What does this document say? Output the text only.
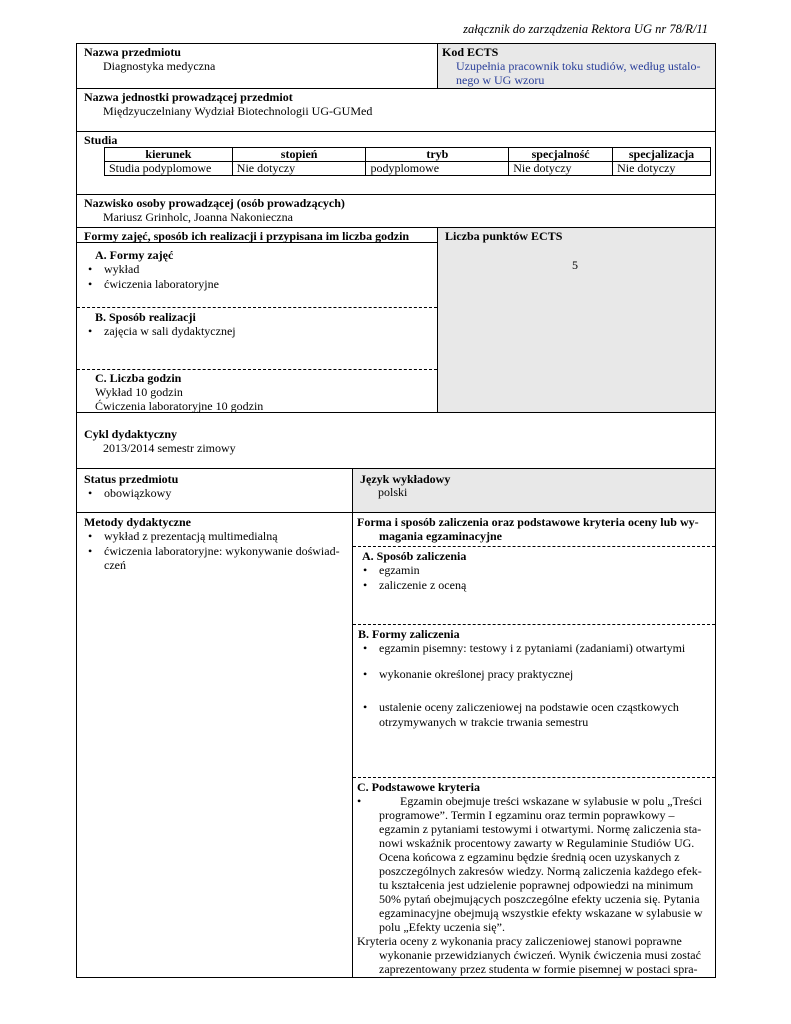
załącznik do zarządzenia Rektora UG nr 78/R/11
Nazwa przedmiotu
Diagnostyka medyczna
Kod ECTS
Uzupełnia pracownik toku studiów, według ustalo-
nego w UG wzoru
Nazwa jednostki prowadzącej przedmiot
Międzyuczelniany Wydział Biotechnologii UG-GUMed
Studia
kierunek	stopień	tryb	specjalność	specjalizacja
Studia podyplomowe	Nie dotyczy	podyplomowe	Nie dotyczy	Nie dotyczy
Nazwisko osoby prowadzącej (osób prowadzących)
Mariusz Grinholc, Joanna Nakonieczna
Formy zajęć, sposób ich realizacji i przypisana im liczba godzin
A. Formy zajęć
• wykład
• ćwiczenia laboratoryjne
B. Sposób realizacji
• zajęcia w sali dydaktycznej
C. Liczba godzin
Wykład 10 godzin
Ćwiczenia laboratoryjne 10 godzin
Liczba punktów ECTS
5
Cykl dydaktyczny
2013/2014 semestr zimowy
Status przedmiotu
• obowiązkowy
Język wykładowy
polski
Metody dydaktyczne
• wykład z prezentacją multimedialną
• ćwiczenia laboratoryjne: wykonywanie doświad-
czeń
Forma i sposób zaliczenia oraz podstawowe kryteria oceny lub wy-
magania egzaminacyjne
A. Sposób zaliczenia
• egzamin
• zaliczenie z oceną
B. Formy zaliczenia
• egzamin pisemny: testowy i z pytaniami (zadaniami) otwartymi
• wykonanie określonej pracy praktycznej
• ustalenie oceny zaliczeniowej na podstawie ocen cząstkowych
otrzymywanych w trakcie trwania semestru
C. Podstawowe kryteria
•	Egzamin obejmuje treści wskazane w sylabusie w polu „Treści
programowe”. Termin I egzaminu oraz termin poprawkowy –
egzamin z pytaniami testowymi i otwartymi. Normę zaliczenia sta-
nowi wskaźnik procentowy zawarty w Regulaminie Studiów UG.
Ocena końcowa z egzaminu będzie średnią ocen uzyskanych z
poszczególnych zakresów wiedzy. Normą zaliczenia każdego efek-
tu kształcenia jest udzielenie poprawnej odpowiedzi na minimum
50% pytań obejmujących poszczególne efekty uczenia się. Pytania
egzaminacyjne obejmują wszystkie efekty wskazane w sylabusie w
polu „Efekty uczenia się”.
Kryteria oceny z wykonania pracy zaliczeniowej stanowi poprawne
wykonanie przewidzianych ćwiczeń. Wynik ćwiczenia musi zostać
zaprezentowany przez studenta w formie pisemnej w postaci spra-
